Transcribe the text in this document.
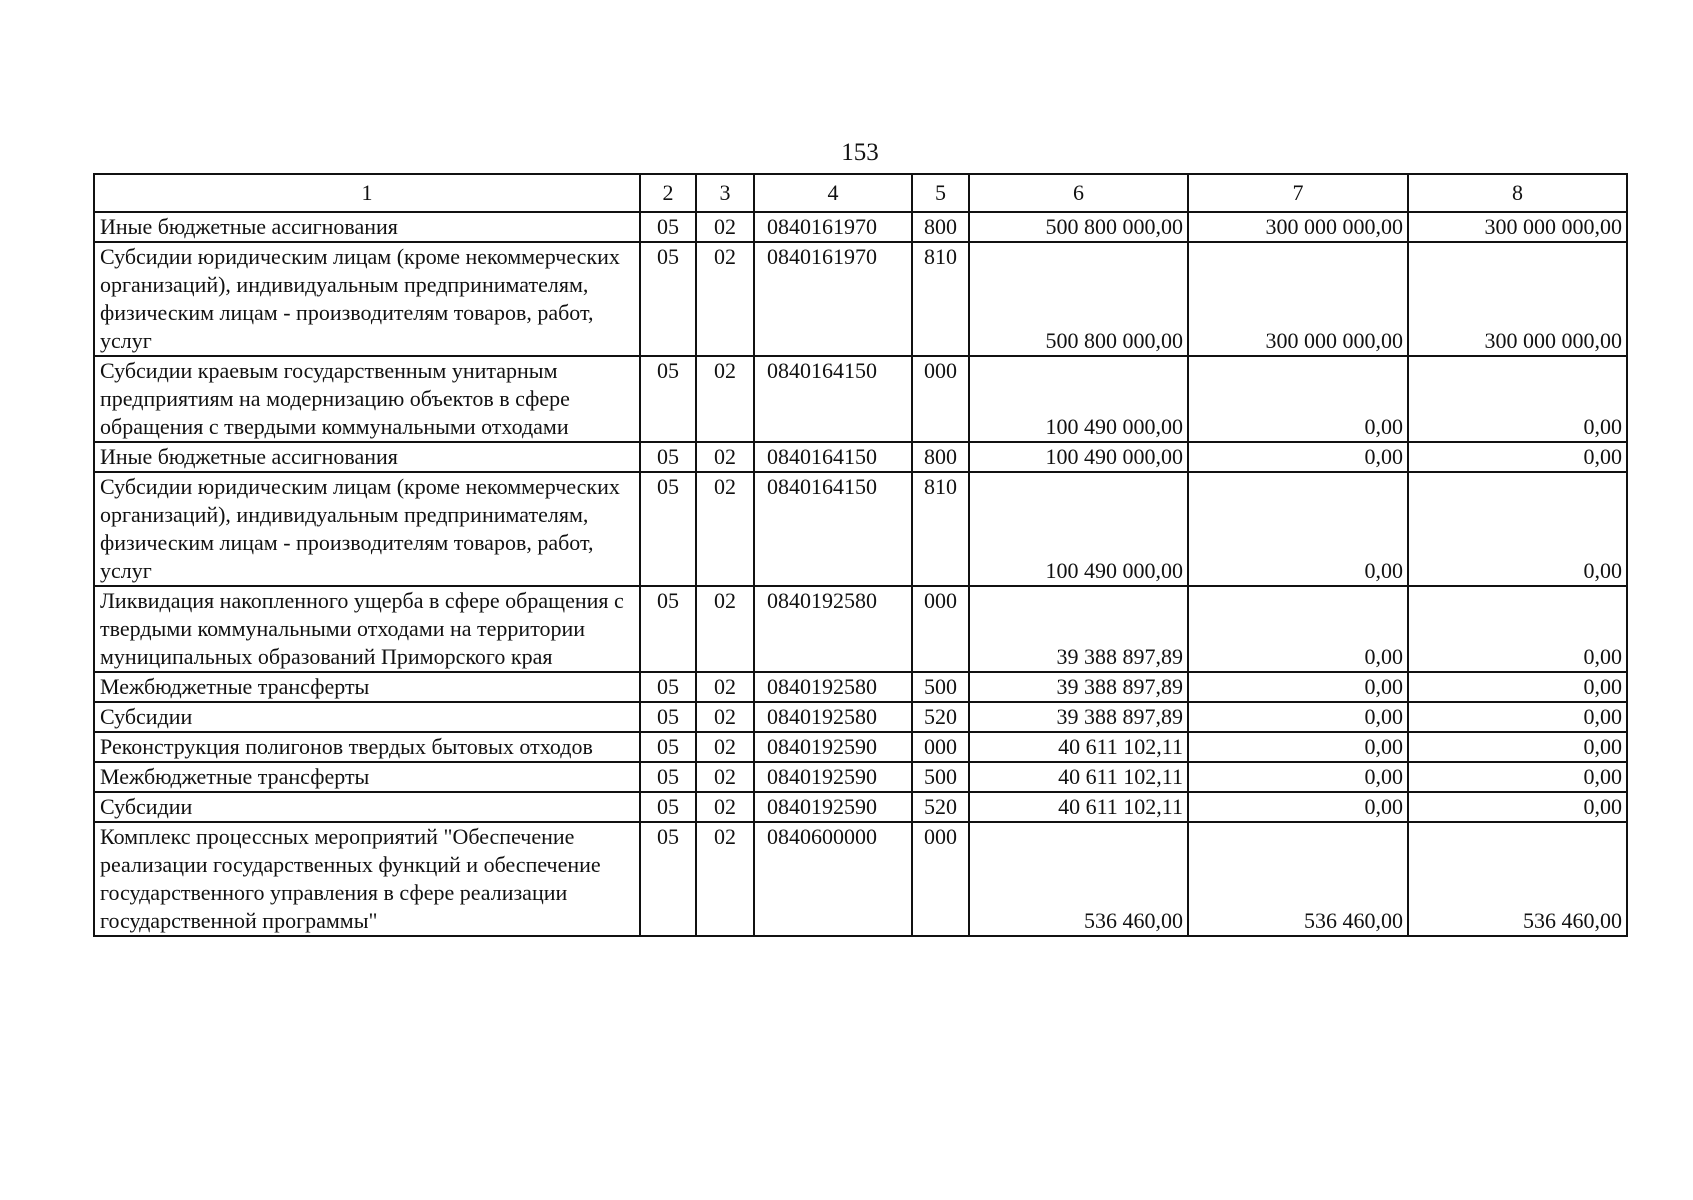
153
1	2	3	4	5	6	7	8
Иные бюджетные ассигнования	05	02	0840161970	800	500 800 000,00	300 000 000,00	300 000 000,00
Субсидии юридическим лицам (кроме некоммерческих организаций), индивидуальным предпринимателям, физическим лицам - производителям товаров, работ, услуг	05	02	0840161970	810	500 800 000,00	300 000 000,00	300 000 000,00
Субсидии краевым государственным унитарным предприятиям на модернизацию объектов в сфере обращения с твердыми коммунальными отходами	05	02	0840164150	000	100 490 000,00	0,00	0,00
Иные бюджетные ассигнования	05	02	0840164150	800	100 490 000,00	0,00	0,00
Субсидии юридическим лицам (кроме некоммерческих организаций), индивидуальным предпринимателям, физическим лицам - производителям товаров, работ, услуг	05	02	0840164150	810	100 490 000,00	0,00	0,00
Ликвидация накопленного ущерба в сфере обращения с твердыми коммунальными отходами на территории муниципальных образований Приморского края	05	02	0840192580	000	39 388 897,89	0,00	0,00
Межбюджетные трансферты	05	02	0840192580	500	39 388 897,89	0,00	0,00
Субсидии	05	02	0840192580	520	39 388 897,89	0,00	0,00
Реконструкция полигонов твердых бытовых отходов	05	02	0840192590	000	40 611 102,11	0,00	0,00
Межбюджетные трансферты	05	02	0840192590	500	40 611 102,11	0,00	0,00
Субсидии	05	02	0840192590	520	40 611 102,11	0,00	0,00
Комплекс процессных мероприятий "Обеспечение реализации государственных функций и обеспечение государственного управления в сфере реализации государственной программы"	05	02	0840600000	000	536 460,00	536 460,00	536 460,00
